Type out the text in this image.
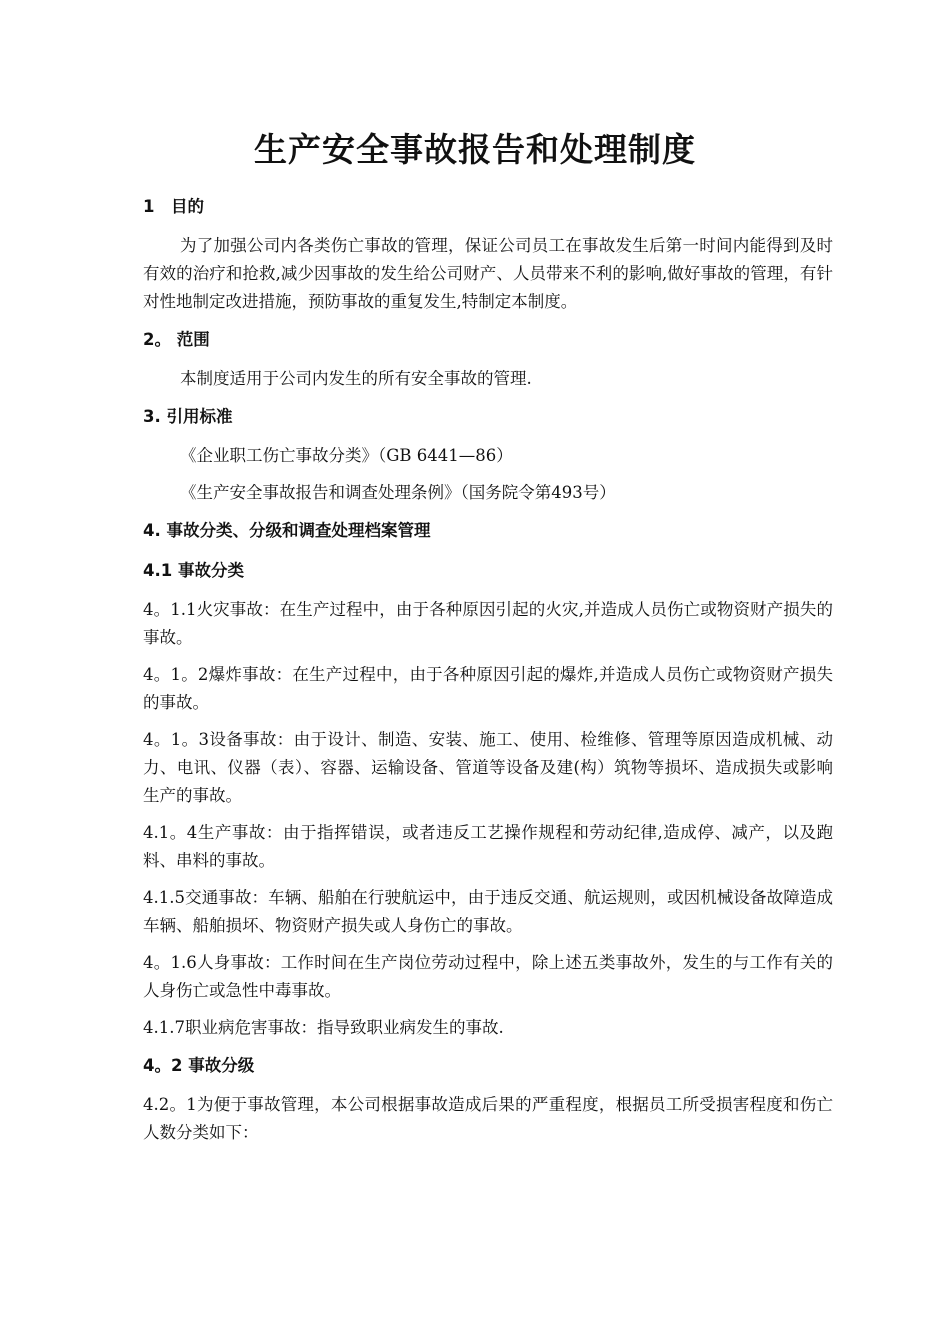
生产安全事故报告和处理制度
1　目的
为了加强公司内各类伤亡事故的管理，保证公司员工在事故发生后第一时间内能得到及时有效的治疗和抢救,减少因事故的发生给公司财产、人员带来不利的影响,做好事故的管理，有针对性地制定改进措施，预防事故的重复发生,特制定本制度。
2。 范围
本制度适用于公司内发生的所有安全事故的管理.
3. 引用标准
《企业职工伤亡事故分类》（GB 6441—86）
《生产安全事故报告和调查处理条例》（国务院令第493号）
4. 事故分类、分级和调查处理档案管理
4.1 事故分类
4。1.1火灾事故：在生产过程中，由于各种原因引起的火灾,并造成人员伤亡或物资财产损失的事故。
4。1。2爆炸事故：在生产过程中，由于各种原因引起的爆炸,并造成人员伤亡或物资财产损失的事故。
4。1。3设备事故：由于设计、制造、安装、施工、使用、检维修、管理等原因造成机械、动力、电讯、仪器（表）、容器、运输设备、管道等设备及建(构）筑物等损坏、造成损失或影响生产的事故。
4.1。4生产事故：由于指挥错误，或者违反工艺操作规程和劳动纪律,造成停、减产，以及跑料、串料的事故。
4.1.5交通事故：车辆、船舶在行驶航运中，由于违反交通、航运规则，或因机械设备故障造成车辆、船舶损坏、物资财产损失或人身伤亡的事故。
4。1.6人身事故：工作时间在生产岗位劳动过程中，除上述五类事故外，发生的与工作有关的人身伤亡或急性中毒事故。
4.1.7职业病危害事故：指导致职业病发生的事故.
4。2 事故分级
4.2。1为便于事故管理，本公司根据事故造成后果的严重程度，根据员工所受损害程度和伤亡人数分类如下：
